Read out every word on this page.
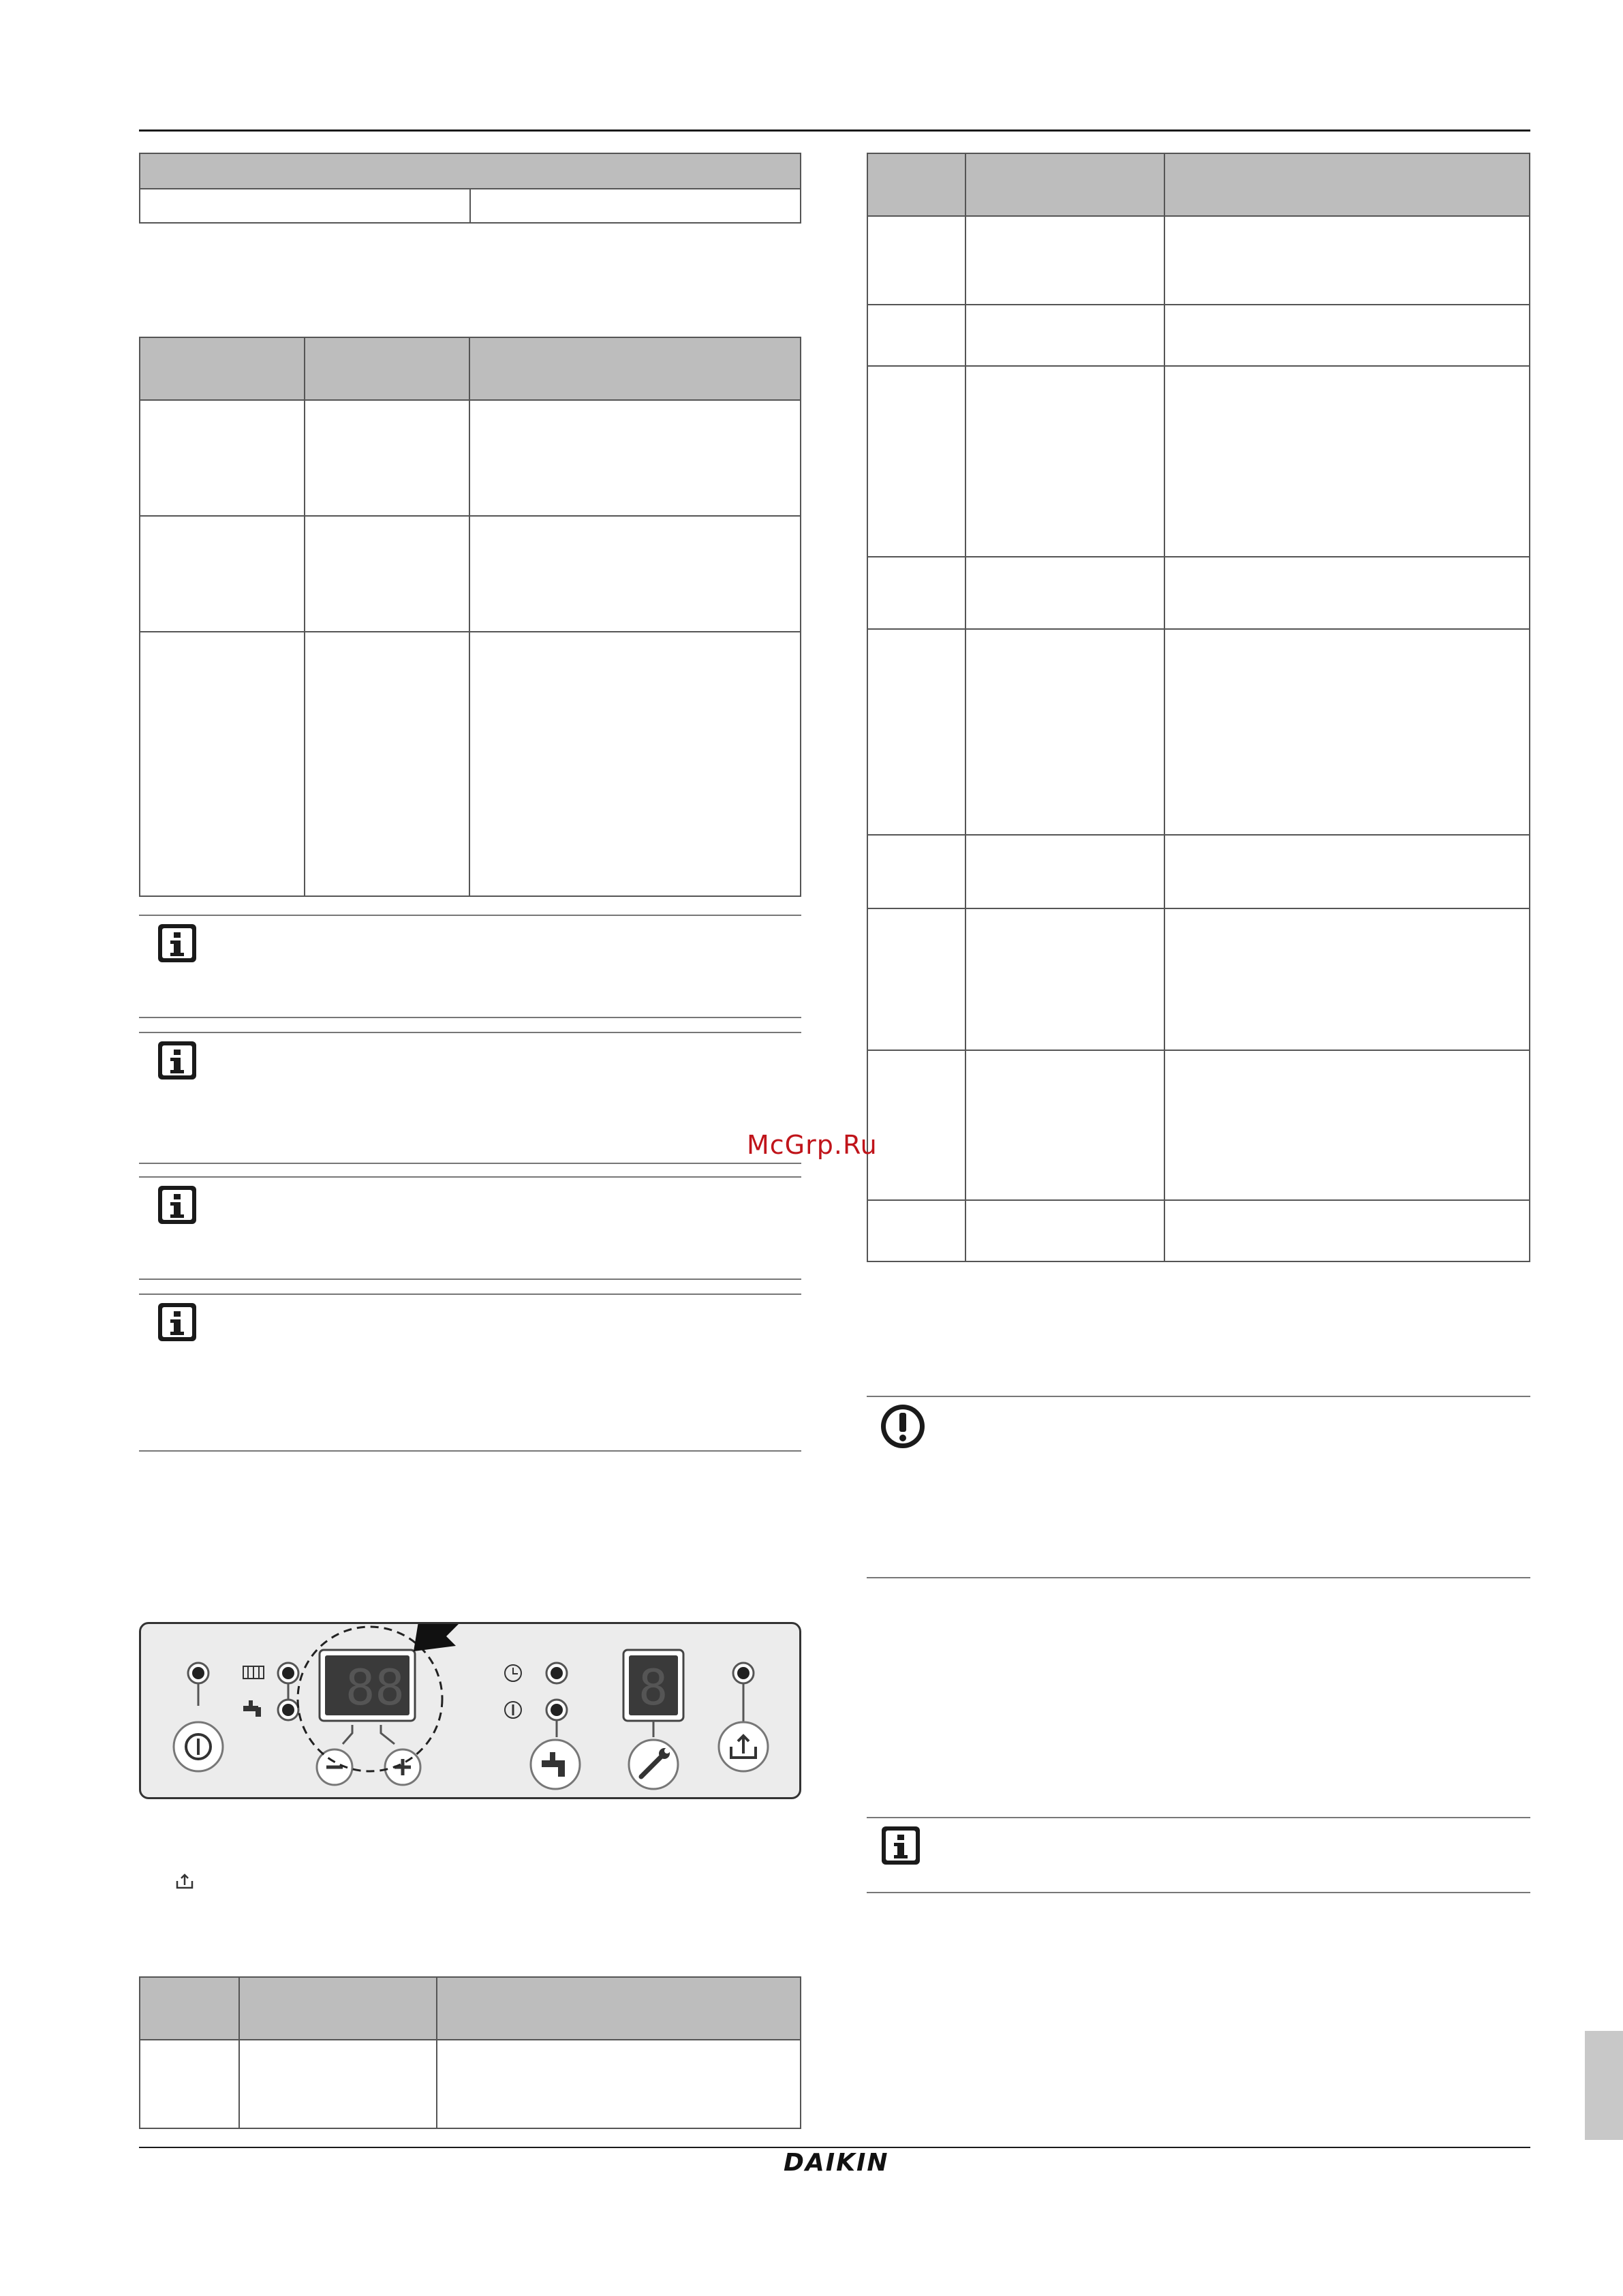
88	8

McGrp.Ru
DAIKIN
